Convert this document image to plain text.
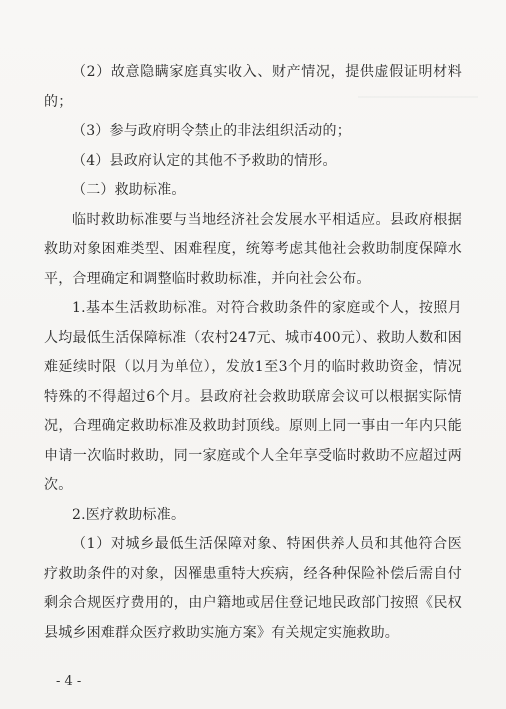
（2）故意隐瞒家庭真实收入、财产情况，提供虚假证明材料的；

（3）参与政府明令禁止的非法组织活动的；

（4）县政府认定的其他不予救助的情形。

（二）救助标准。

临时救助标准要与当地经济社会发展水平相适应。县政府根据救助对象困难类型、困难程度，统筹考虑其他社会救助制度保障水平，合理确定和调整临时救助标准，并向社会公布。

1.基本生活救助标准。对符合救助条件的家庭或个人，按照月人均最低生活保障标准（农村247元、城市400元）、救助人数和困难延续时限（以月为单位），发放1至3个月的临时救助资金，情况特殊的不得超过6个月。县政府社会救助联席会议可以根据实际情况，合理确定救助标准及救助封顶线。原则上同一事由一年内只能申请一次临时救助，同一家庭或个人全年享受临时救助不应超过两次。

2.医疗救助标准。

（1）对城乡最低生活保障对象、特困供养人员和其他符合医疗救助条件的对象，因罹患重特大疾病，经各种保险补偿后需自付剩余合规医疗费用的，由户籍地或居住登记地民政部门按照《民权县城乡困难群众医疗救助实施方案》有关规定实施救助。

- 4 -
